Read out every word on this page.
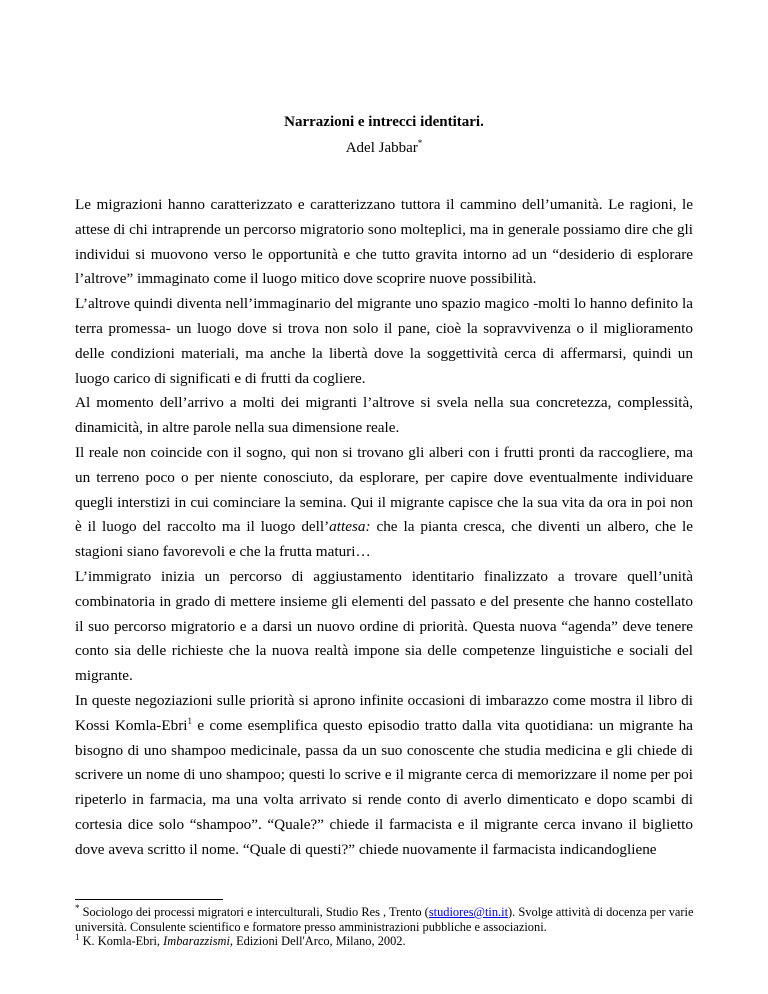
Narrazioni e intrecci identitari.
Adel Jabbar*

Le migrazioni hanno caratterizzato e caratterizzano tuttora il cammino dell’umanità. Le ragioni, le attese di chi intraprende un percorso migratorio sono molteplici, ma in generale possiamo dire che gli individui si muovono verso le opportunità e che tutto gravita intorno ad un “desiderio di esplorare l’altrove” immaginato come il luogo mitico dove scoprire nuove possibilità.

L’altrove quindi diventa nell’immaginario del migrante uno spazio magico -molti lo hanno definito la terra promessa- un luogo dove si trova non solo il pane, cioè la sopravvivenza o il miglioramento delle condizioni materiali, ma anche la libertà dove la soggettività cerca di affermarsi, quindi un luogo carico di significati e di frutti da cogliere.

Al momento dell’arrivo a molti dei migranti l’altrove si svela nella sua concretezza, complessità, dinamicità, in altre parole nella sua dimensione reale.

Il reale non coincide con il sogno, qui non si trovano gli alberi con i frutti pronti da raccogliere, ma un terreno poco o per niente conosciuto, da esplorare, per capire dove eventualmente individuare quegli interstizi in cui cominciare la semina. Qui il migrante capisce che la sua vita da ora in poi non è il luogo del raccolto ma il luogo dell’attesa: che la pianta cresca, che diventi un albero, che le stagioni siano favorevoli e che la frutta maturi…

L’immigrato inizia un percorso di aggiustamento identitario finalizzato a trovare quell’unità combinatoria in grado di mettere insieme gli elementi del passato e del presente che hanno costellato il suo percorso migratorio e a darsi un nuovo ordine di priorità. Questa nuova “agenda” deve tenere conto sia delle richieste che la nuova realtà impone sia delle competenze linguistiche e sociali del migrante.

In queste negoziazioni sulle priorità si aprono infinite occasioni di imbarazzo come mostra il libro di Kossi Komla-Ebri$^1$ e come esemplifica questo episodio tratto dalla vita quotidiana: un migrante ha bisogno di uno shampoo medicinale, passa da un suo conoscente che studia medicina e gli chiede di scrivere un nome di uno shampoo; questi lo scrive e il migrante cerca di memorizzare il nome per poi ripeterlo in farmacia, ma una volta arrivato si rende conto di averlo dimenticato e dopo scambi di cortesia dice solo “shampoo”. “Quale?” chiede il farmacista e il migrante cerca invano il biglietto dove aveva scritto il nome. “Quale di questi?” chiede nuovamente il farmacista indicandogliene

* Sociologo dei processi migratori e interculturali, Studio Res , Trento (studiores@tin.it). Svolge attività di docenza per varie università. Consulente scientifico e formatore presso amministrazioni pubbliche e associazioni.

$^1$ K. Komla-Ebri, Imbarazzismi, Edizioni Dell'Arco, Milano, 2002.
